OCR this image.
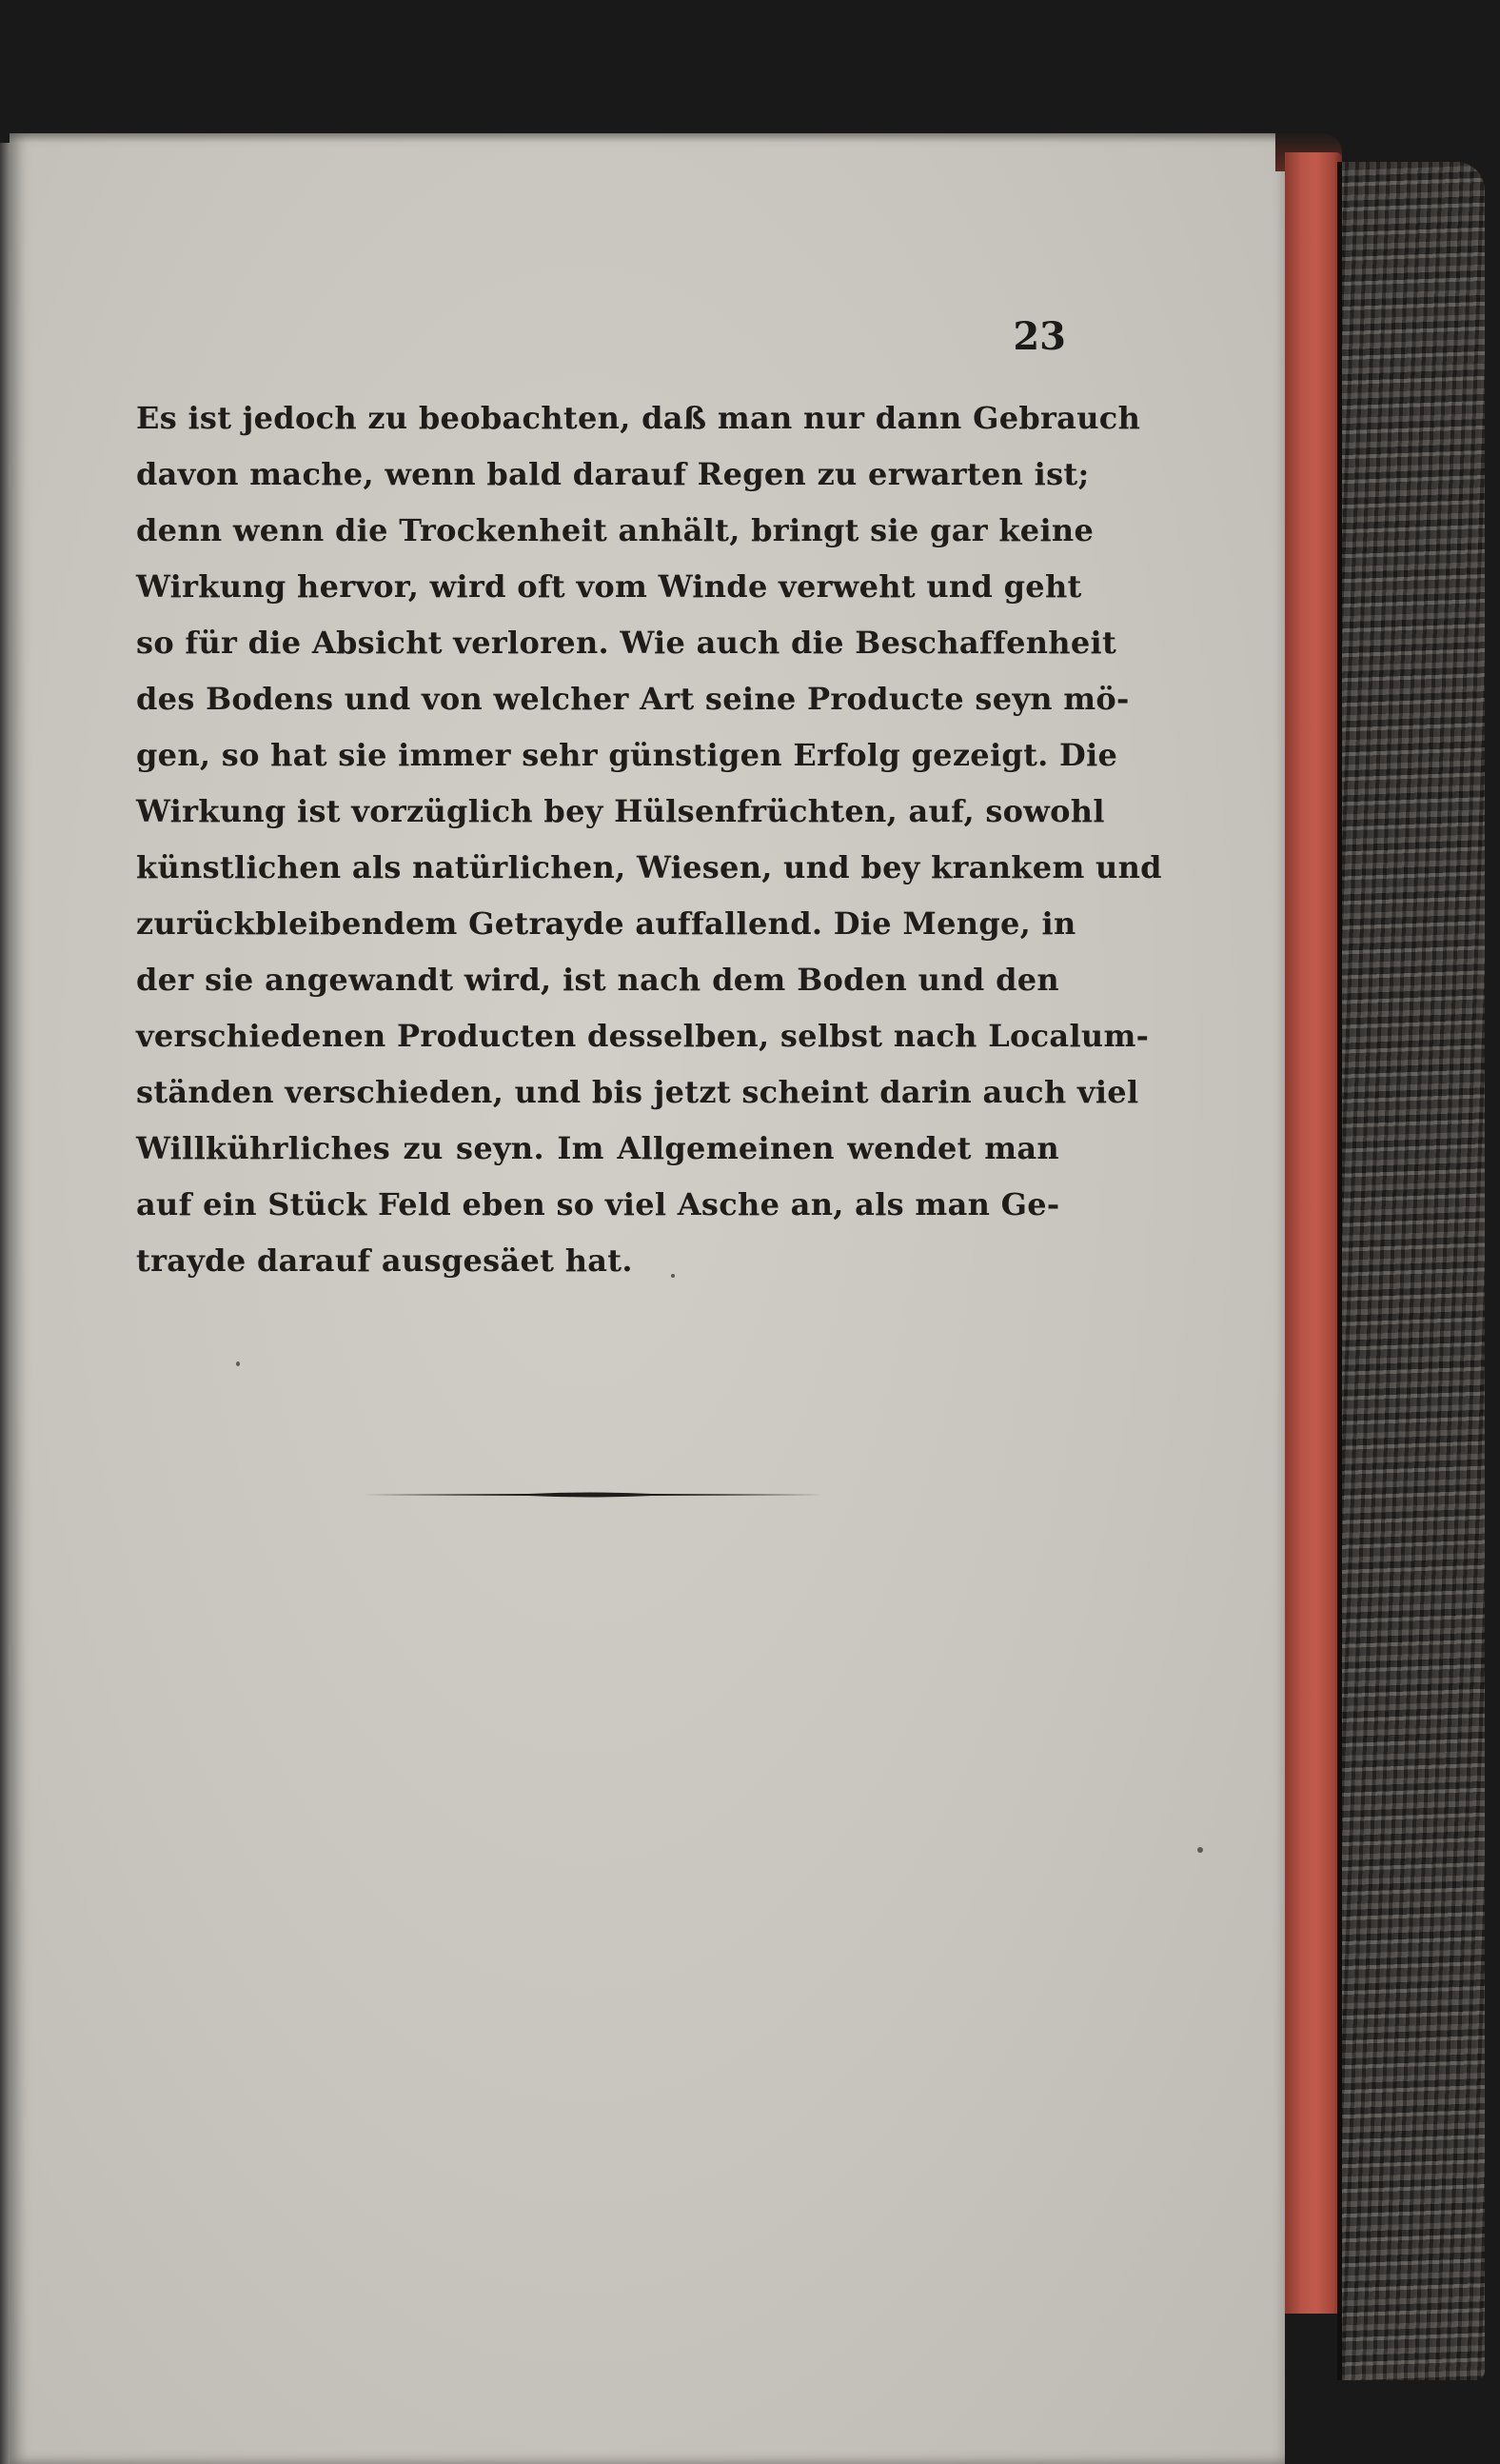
23
Es ist jedoch zu beobachten, daß man nur dann Gebrauch
davon mache, wenn bald darauf Regen zu erwarten ist;
denn wenn die Trockenheit anhält, bringt sie gar keine
Wirkung hervor, wird oft vom Winde verweht und geht
so für die Absicht verloren. Wie auch die Beschaffenheit
des Bodens und von welcher Art seine Producte seyn mö-
gen, so hat sie immer sehr günstigen Erfolg gezeigt. Die
Wirkung ist vorzüglich bey Hülsenfrüchten, auf, sowohl
künstlichen als natürlichen, Wiesen, und bey krankem und
zurückbleibendem Getrayde auffallend. Die Menge, in
der sie angewandt wird, ist nach dem Boden und den
verschiedenen Producten desselben, selbst nach Localum-
ständen verschieden, und bis jetzt scheint darin auch viel
Willkührliches zu seyn. Im Allgemeinen wendet man
auf ein Stück Feld eben so viel Asche an, als man Ge-
trayde darauf ausgesäet hat.
